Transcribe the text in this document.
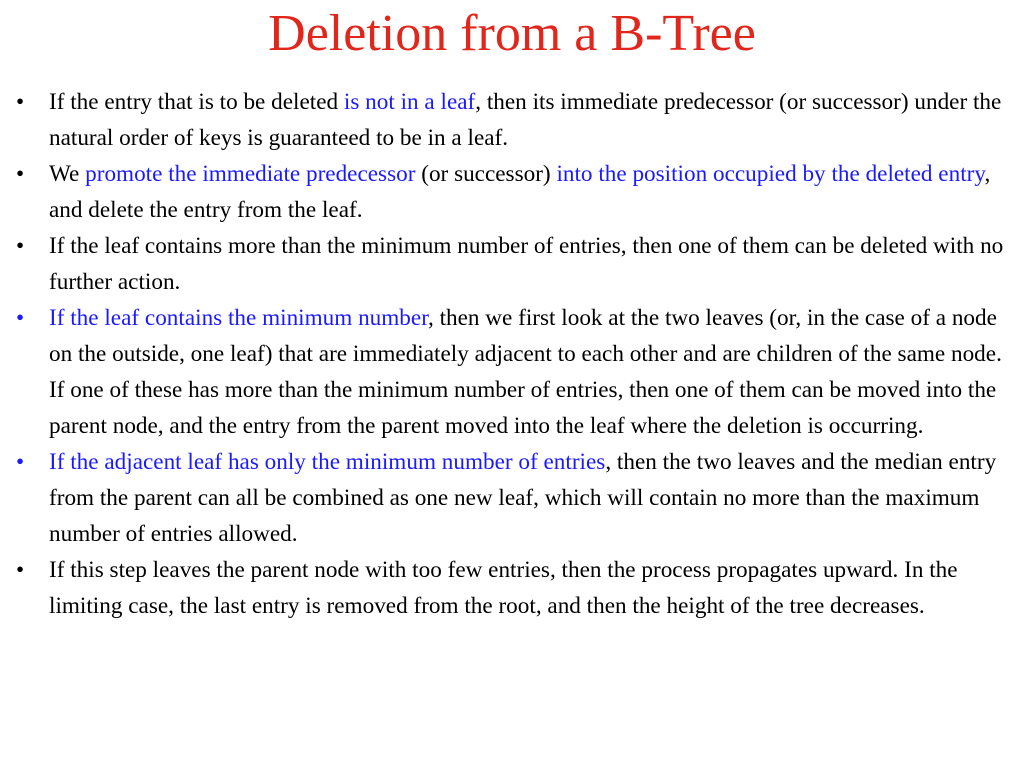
Deletion from a B-Tree
•	If the entry that is to be deleted is not in a leaf, then its immediate predecessor (or successor) under the natural order of keys is guaranteed to be in a leaf.
•	We promote the immediate predecessor (or successor) into the position occupied by the deleted entry, and delete the entry from the leaf.
•	If the leaf contains more than the minimum number of entries, then one of them can be deleted with no further action.
•	If the leaf contains the minimum number, then we first look at the two leaves (or, in the case of a node on the outside, one leaf) that are immediately adjacent to each other and are children of the same node. If one of these has more than the minimum number of entries, then one of them can be moved into the parent node, and the entry from the parent moved into the leaf where the deletion is occurring.
•	If the adjacent leaf has only the minimum number of entries, then the two leaves and the median entry from the parent can all be combined as one new leaf, which will contain no more than the maximum number of entries allowed.
•	If this step leaves the parent node with too few entries, then the process propagates upward. In the limiting case, the last entry is removed from the root, and then the height of the tree decreases.
